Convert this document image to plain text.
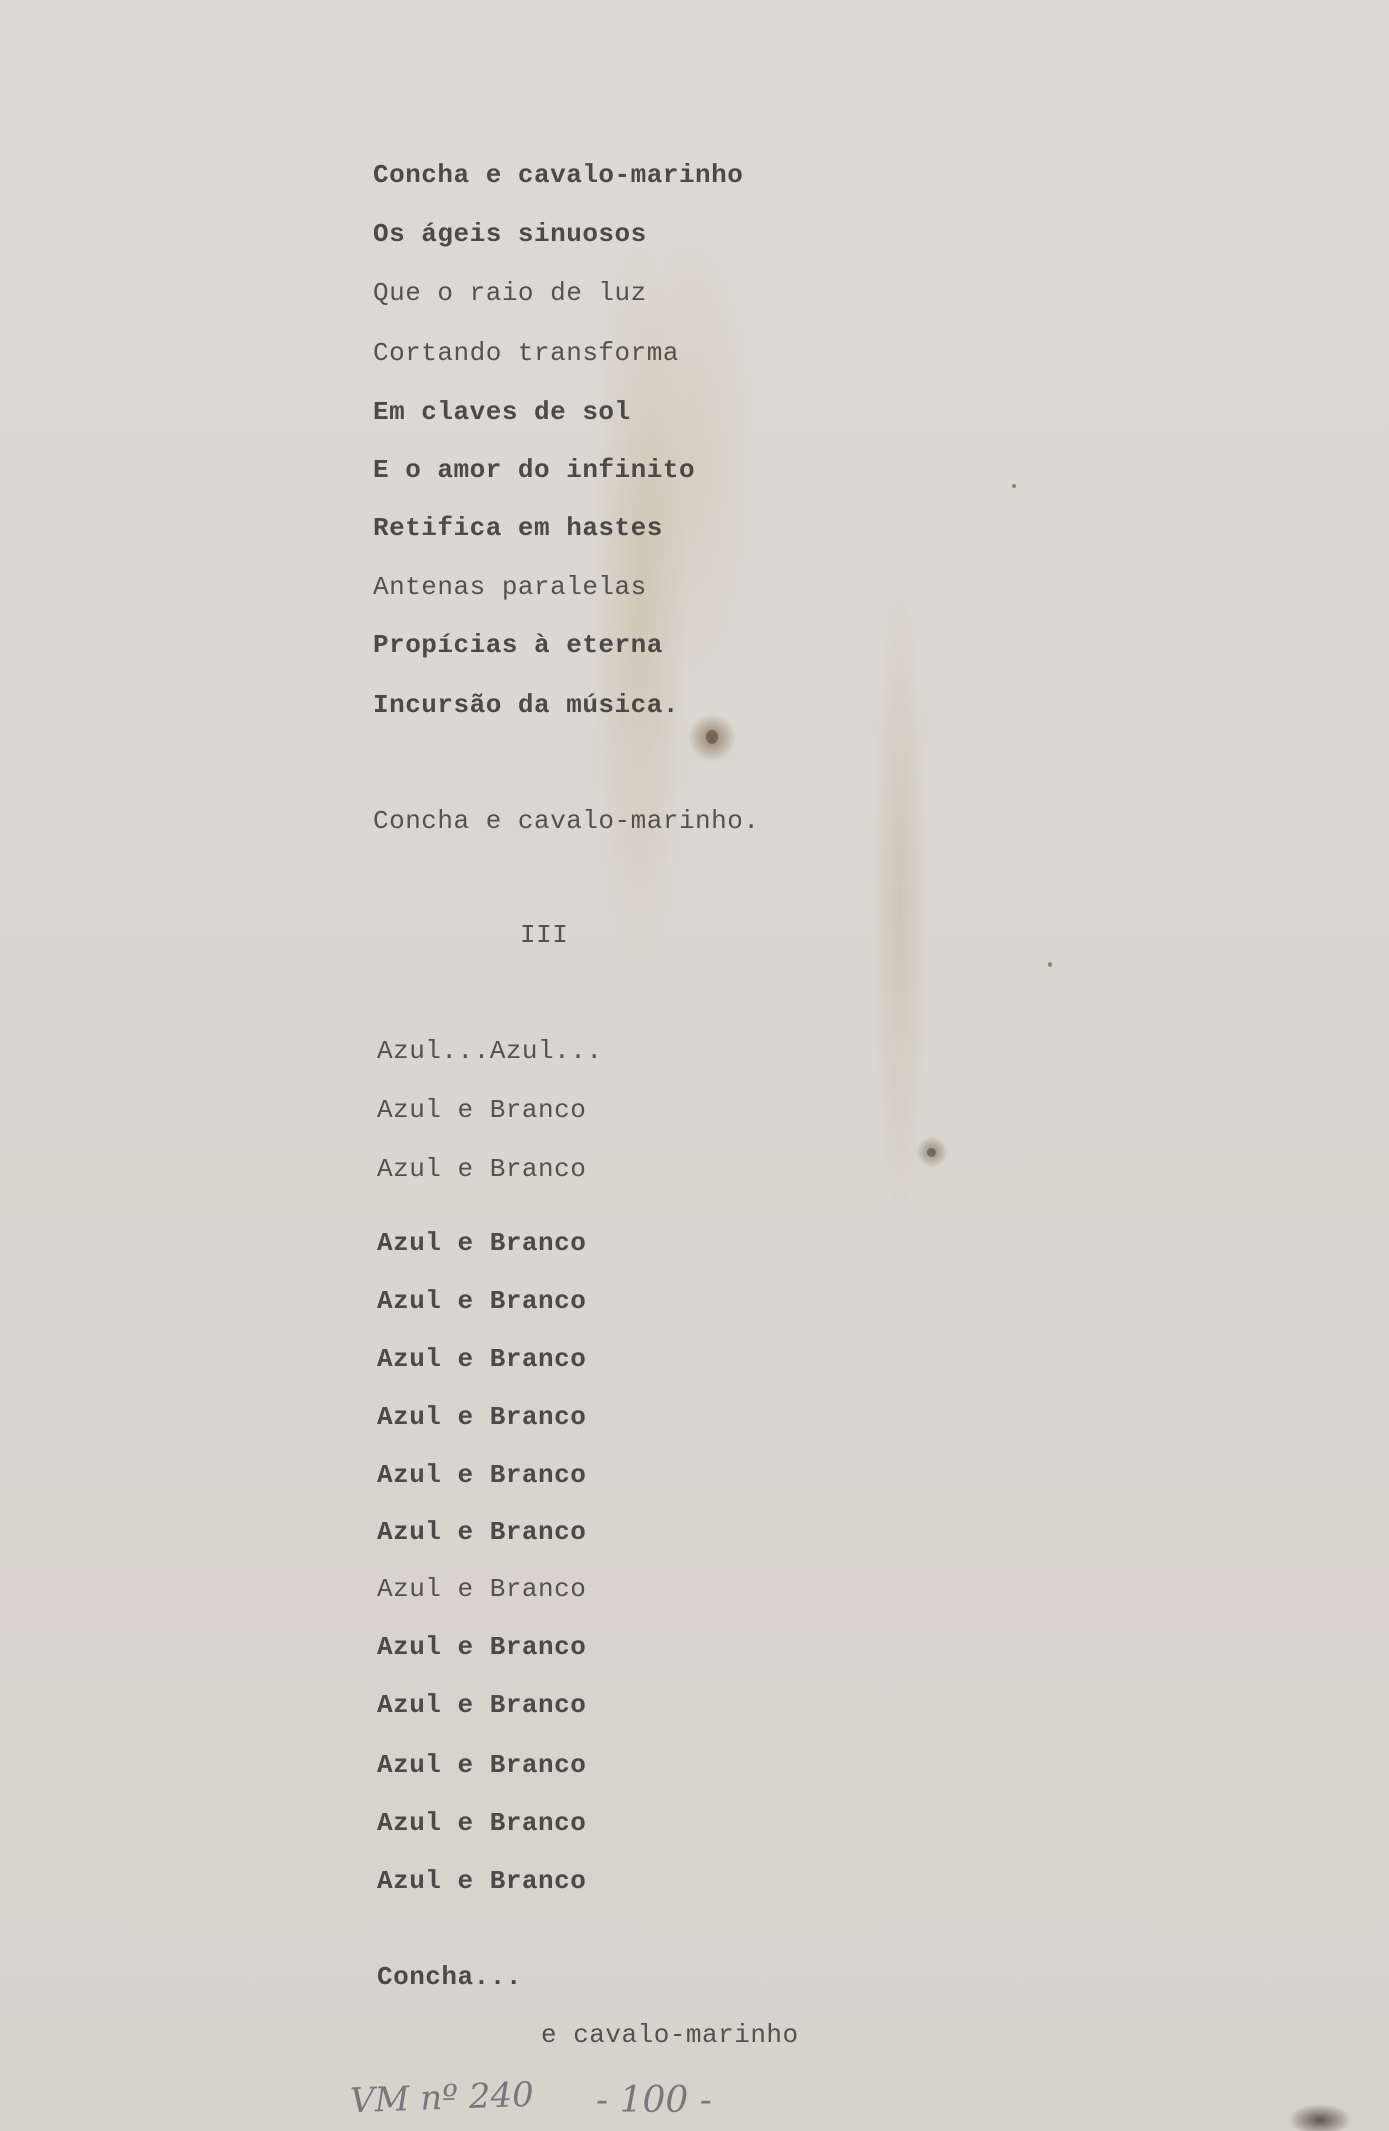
Concha e cavalo-marinho
Os ágeis sinuosos
Que o raio de luz
Cortando transforma
Em claves de sol
E o amor do infinito
Retifica em hastes
Antenas paralelas
Propícias à eterna
Incursão da música.
Concha e cavalo-marinho.
III
Azul...Azul...
Azul e Branco
Azul e Branco
Azul e Branco
Azul e Branco
Azul e Branco
Azul e Branco
Azul e Branco
Azul e Branco
Azul e Branco
Azul e Branco
Azul e Branco
Azul e Branco
Azul e Branco
Azul e Branco
Concha...
e cavalo-marinho
VM nº 240 - 100 -
